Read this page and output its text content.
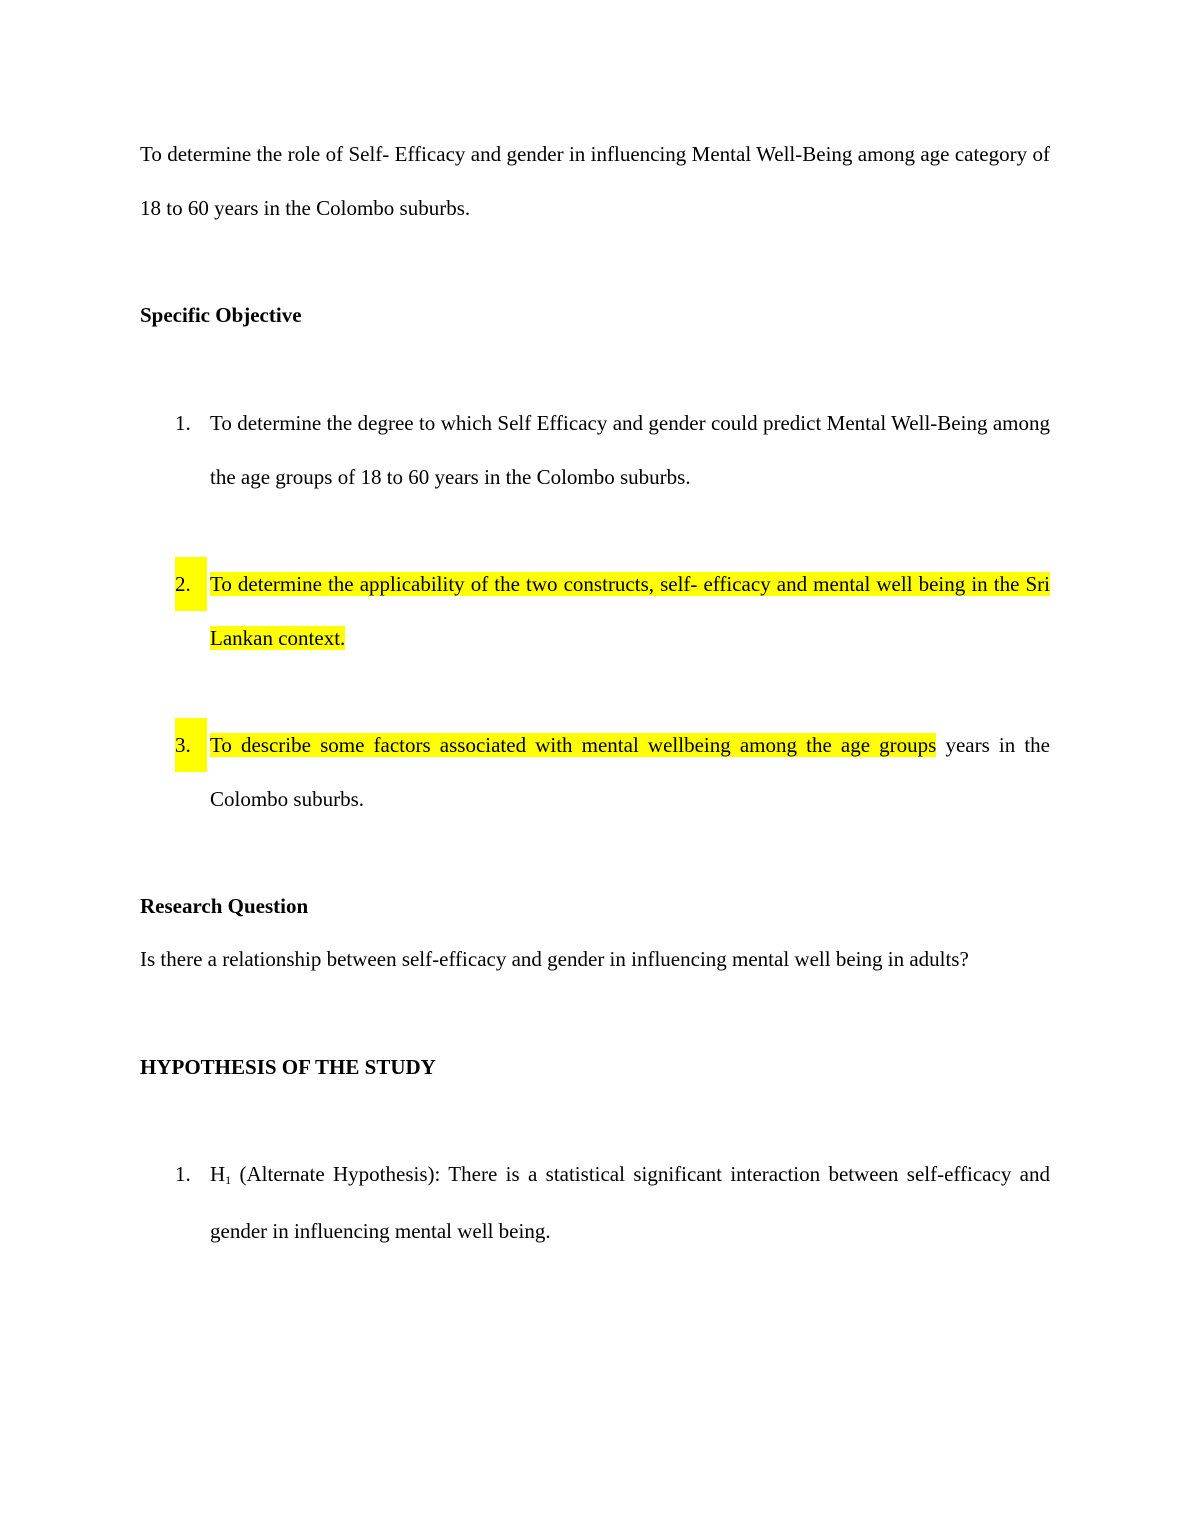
To determine the role of Self- Efficacy and gender in influencing Mental Well-Being among age category of 18 to 60 years in the Colombo suburbs.

Specific Objective
1. To determine the degree to which Self Efficacy and gender could predict Mental Well-Being among the age groups of 18 to 60 years in the Colombo suburbs.
2. To determine the applicability of the two constructs, self- efficacy and mental well being in the Sri Lankan context.
3. To describe some factors associated with mental wellbeing among the age groups years in the Colombo suburbs.
Research Question

Is there a relationship between self-efficacy and gender in influencing mental well being in adults?

HYPOTHESIS OF THE STUDY
1. $H_1$ (Alternate Hypothesis): There is a statistical significant interaction between self-efficacy and gender in influencing mental well being.
